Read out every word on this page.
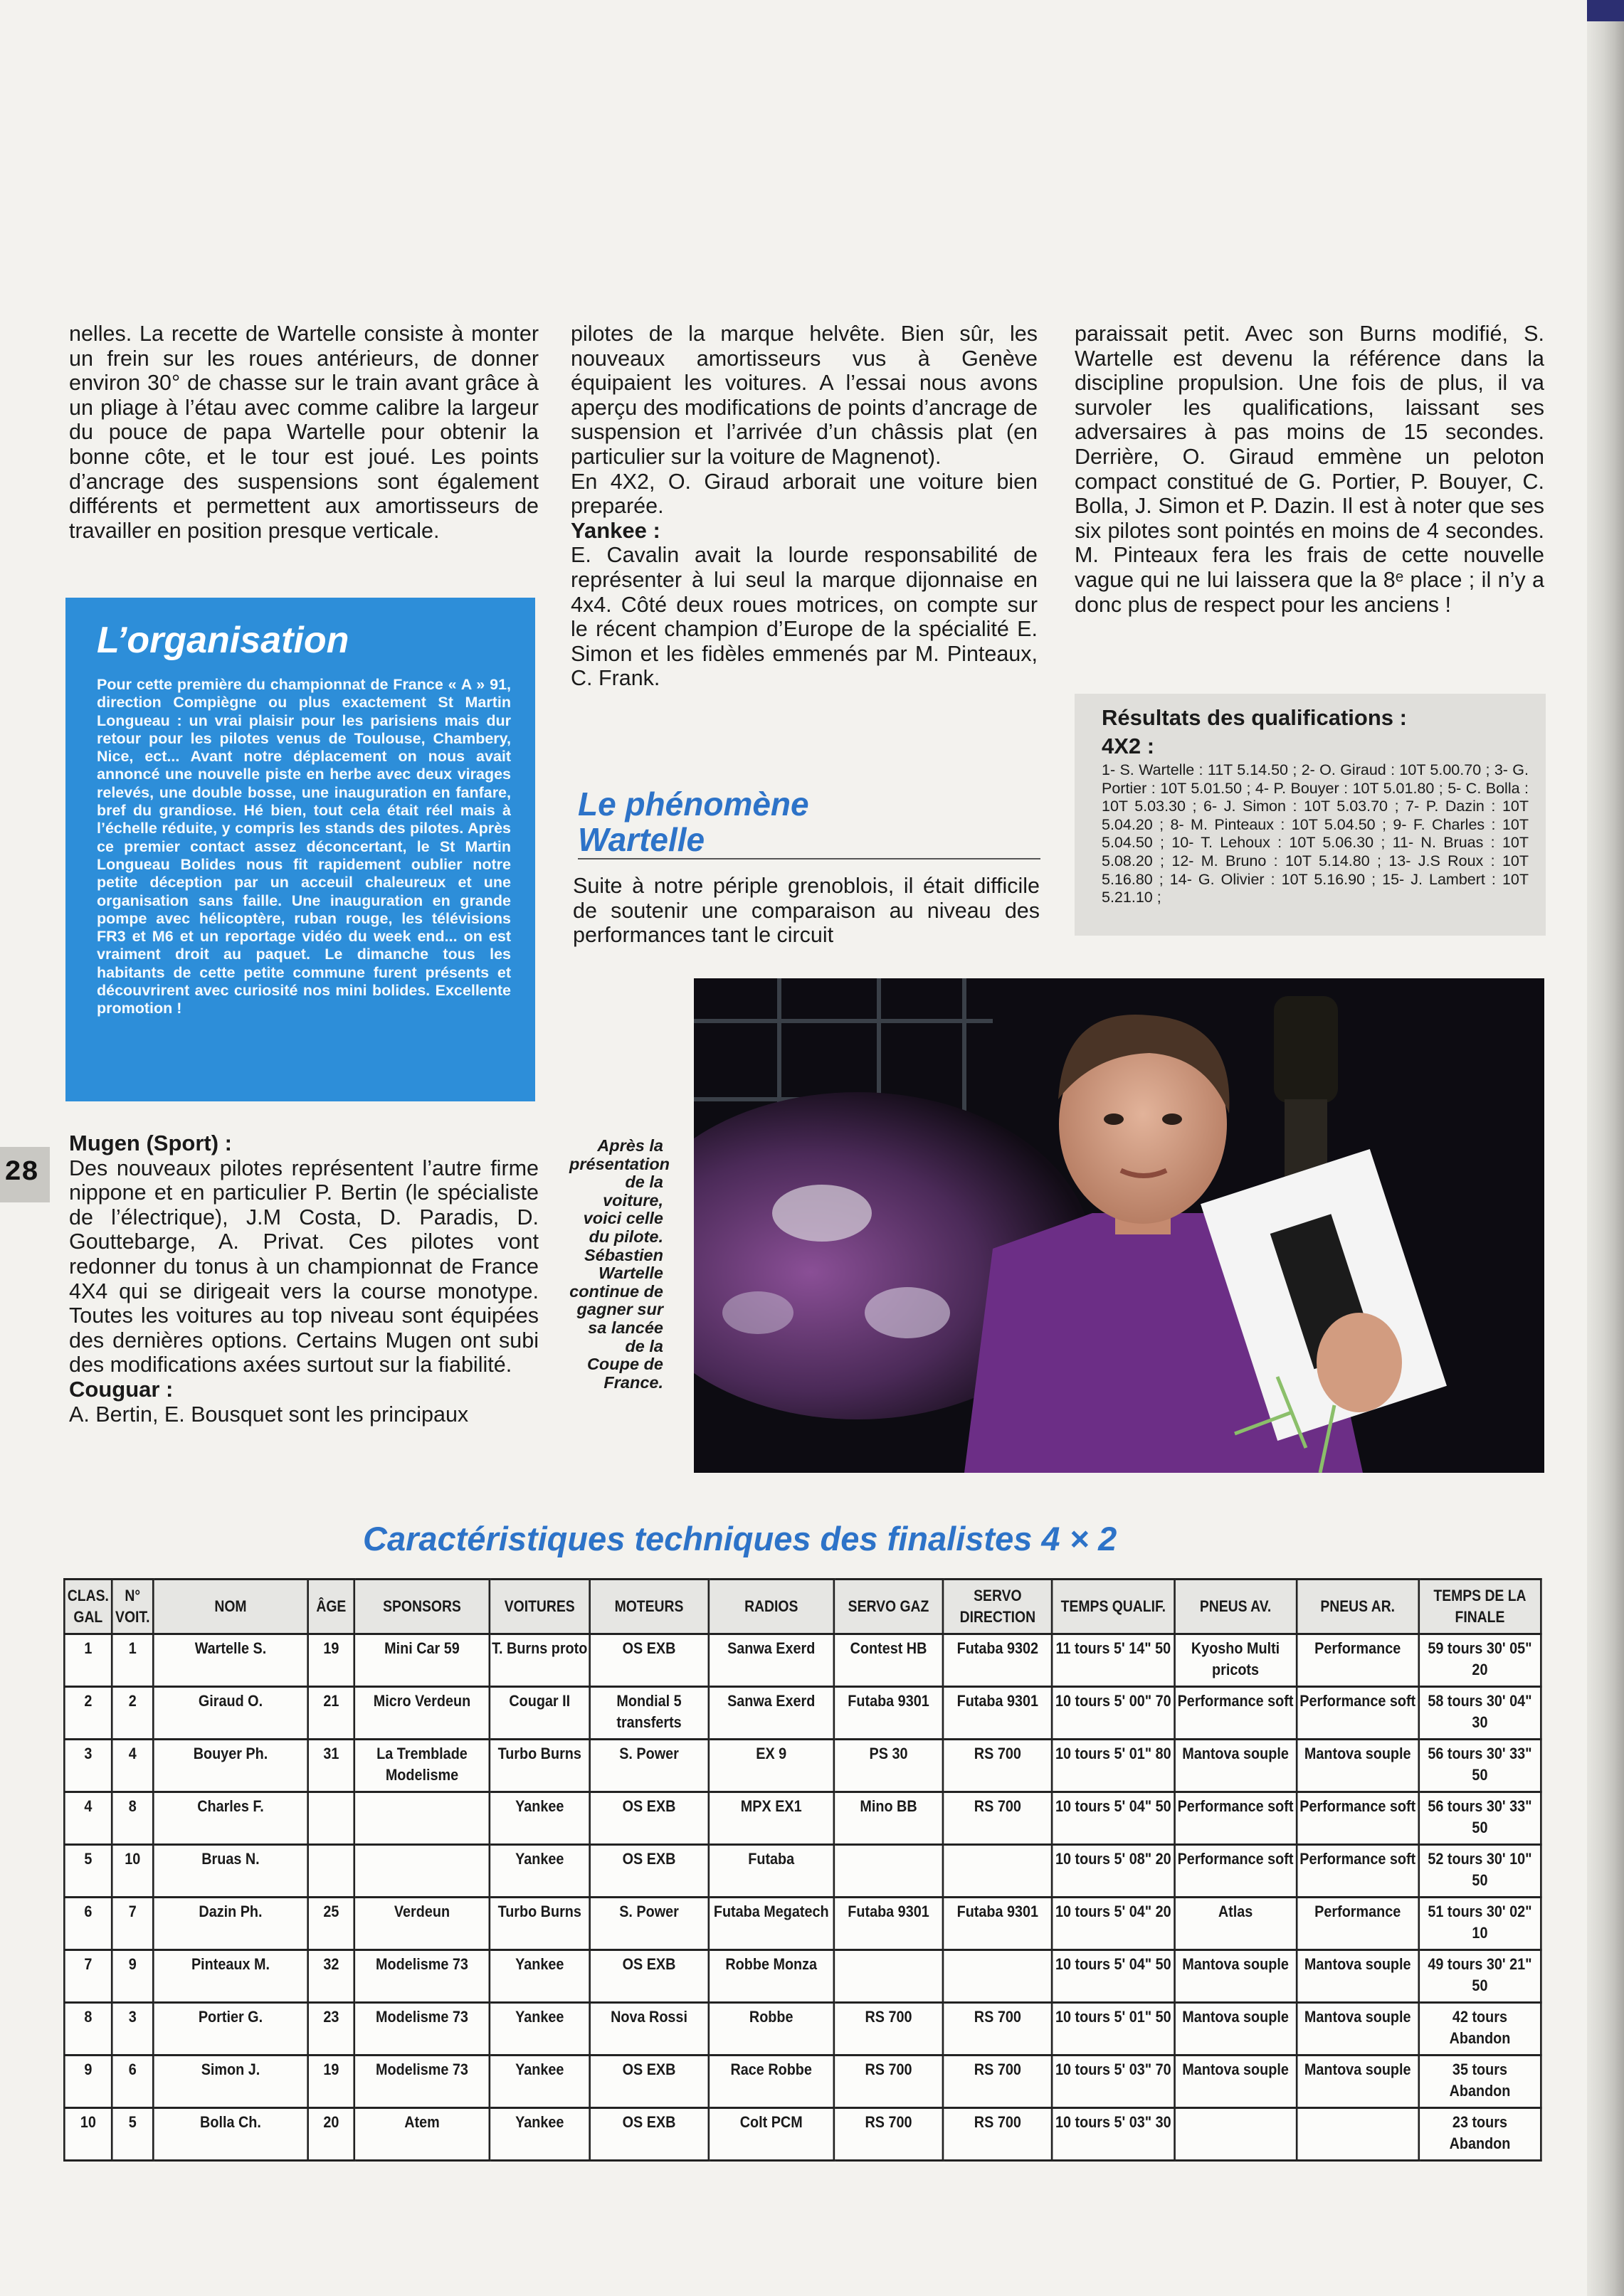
nelles. La recette de Wartelle consiste à monter un frein sur les roues antérieurs, de donner environ 30° de chasse sur le train avant grâce à un pliage à l’étau avec comme calibre la largeur du pouce de papa Wartelle pour obtenir la bonne côte, et le tour est joué. Les points d’ancrage des suspensions sont également différents et permettent aux amortisseurs de travailler en position presque verticale.

L’organisation
Pour cette première du championnat de France « A » 91, direction Compiègne ou plus exactement St Martin Longueau : un vrai plaisir pour les parisiens mais dur retour pour les pilotes venus de Toulouse, Chambery, Nice, ect... Avant notre déplacement on nous avait annoncé une nouvelle piste en herbe avec deux virages relevés, une double bosse, une inauguration en fanfare, bref du grandiose. Hé bien, tout cela était réel mais à l’échelle réduite, y compris les stands des pilotes. Après ce premier contact assez déconcertant, le St Martin Longueau Bolides nous fit rapidement oublier notre petite déception par un acceuil chaleureux et une organisation sans faille. Une inauguration en grande pompe avec hélicoptère, ruban rouge, les télévisions FR3 et M6 et un reportage vidéo du week end... on est vraiment droit au paquet. Le dimanche tous les habitants de cette petite commune furent présents et découvrirent avec curiosité nos mini bolides. Excellente promotion !
28

Mugen (Sport) :

Des nouveaux pilotes représentent l’autre firme nippone et en particulier P. Bertin (le spécialiste de l’électrique), J.M Costa, D. Paradis, D. Gouttebarge, A. Privat. Ces pilotes vont redonner du tonus à un championnat de France 4X4 qui se dirigeait vers la course monotype. Toutes les voitures au top niveau sont équipées des dernières options. Certains Mugen ont subi des modifications axées surtout sur la fiabilité.

Couguar :

A. Bertin, E. Bousquet sont les principaux

pilotes de la marque helvête. Bien sûr, les nouveaux amortisseurs vus à Genève équipaient les voitures. A l’essai nous avons aperçu des modifications de points d’ancrage de suspension et l’arrivée d’un châssis plat (en particulier sur la voiture de Magnenot).

En 4X2, O. Giraud arborait une voiture bien preparée.

Yankee :

E. Cavalin avait la lourde responsabilité de représenter à lui seul la marque dijonnaise en 4x4. Côté deux roues motrices, on compte sur le récent champion d’Europe de la spécialité E. Simon et les fidèles emmenés par M. Pinteaux, C. Frank.

Le phénomène
Wartelle

Suite à notre périple grenoblois, il était difficile de soutenir une comparaison au niveau des performances tant le circuit

paraissait petit. Avec son Burns modifié, S. Wartelle est devenu la référence dans la discipline propulsion. Une fois de plus, il va survoler les qualifications, laissant ses adversaires à pas moins de 15 secondes. Derrière, O. Giraud emmène un peloton compact constitué de G. Portier, P. Bouyer, C. Bolla, J. Simon et P. Dazin. Il est à noter que ses six pilotes sont pointés en moins de 4 secondes. M. Pinteaux fera les frais de cette nouvelle vague qui ne lui laissera que la 8ᵉ place ; il n’y a donc plus de respect pour les anciens !

Résultats des qualifications :
4X2 :
1- S. Wartelle : 11T 5.14.50 ; 2- O. Giraud : 10T 5.00.70 ; 3- G. Portier : 10T 5.01.50 ; 4- P. Bouyer : 10T 5.01.80 ; 5- C. Bolla : 10T 5.03.30 ; 6- J. Simon : 10T 5.03.70 ; 7- P. Dazin : 10T 5.04.20 ; 8- M. Pinteaux : 10T 5.04.50 ; 9- F. Charles : 10T 5.04.50 ; 10- T. Lehoux : 10T 5.06.30 ; 11- N. Bruas : 10T 5.08.20 ; 12- M. Bruno : 10T 5.14.80 ; 13- J.S Roux : 10T 5.16.80 ; 14- G. Olivier : 10T 5.16.90 ; 15- J. Lambert : 10T 5.21.10 ;
Après la présentation de la voiture, voici celle du pilote. Sébastien Wartelle continue de gagner sur sa lancée de la Coupe de France.
Caractéristiques techniques des finalistes 4 × 2
CLAS. GAL	N° VOIT.	NOM	ÂGE	SPONSORS	VOITURES	MOTEURS	RADIOS	SERVO GAZ	SERVO DIRECTION	TEMPS QUALIF.	PNEUS AV.	PNEUS AR.	TEMPS DE LA FINALE
1	1	Wartelle S.	19	Mini Car 59	T. Burns proto	OS EXB	Sanwa Exerd	Contest HB	Futaba 9302	11 tours 5' 14" 50	Kyosho Multi pricots	Performance	59 tours 30' 05" 20
2	2	Giraud O.	21	Micro Verdeun	Cougar II	Mondial 5 transferts	Sanwa Exerd	Futaba 9301	Futaba 9301	10 tours 5' 00" 70	Performance soft	Performance soft	58 tours 30' 04" 30
3	4	Bouyer Ph.	31	La Tremblade Modelisme	Turbo Burns	S. Power	EX 9	PS 30	RS 700	10 tours 5' 01" 80	Mantova souple	Mantova souple	56 tours 30' 33" 50
4	8	Charles F.			Yankee	OS EXB	MPX EX1	Mino BB	RS 700	10 tours 5' 04" 50	Performance soft	Performance soft	56 tours 30' 33" 50
5	10	Bruas N.			Yankee	OS EXB	Futaba			10 tours 5' 08" 20	Performance soft	Performance soft	52 tours 30' 10" 50
6	7	Dazin Ph.	25	Verdeun	Turbo Burns	S. Power	Futaba Megatech	Futaba 9301	Futaba 9301	10 tours 5' 04" 20	Atlas	Performance	51 tours 30' 02" 10
7	9	Pinteaux M.	32	Modelisme 73	Yankee	OS EXB	Robbe Monza			10 tours 5' 04" 50	Mantova souple	Mantova souple	49 tours 30' 21" 50
8	3	Portier G.	23	Modelisme 73	Yankee	Nova Rossi	Robbe	RS 700	RS 700	10 tours 5' 01" 50	Mantova souple	Mantova souple	42 tours Abandon
9	6	Simon J.	19	Modelisme 73	Yankee	OS EXB	Race Robbe	RS 700	RS 700	10 tours 5' 03" 70	Mantova souple	Mantova souple	35 tours Abandon
10	5	Bolla Ch.	20	Atem	Yankee	OS EXB	Colt PCM	RS 700	RS 700	10 tours 5' 03" 30			23 tours Abandon
